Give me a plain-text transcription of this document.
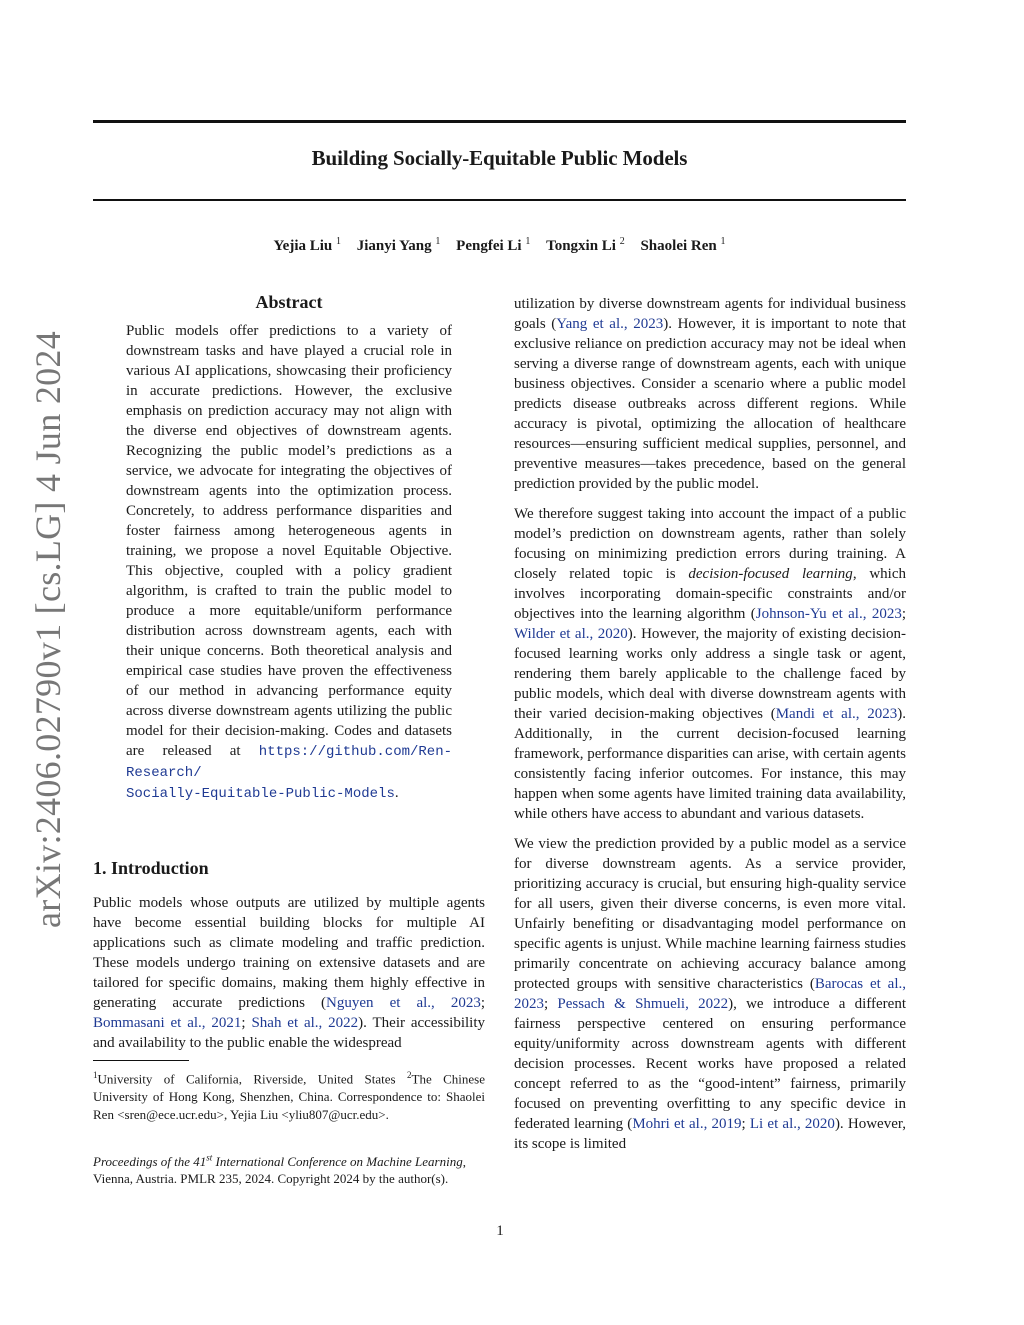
Building Socially-Equitable Public Models
Yejia Liu $^1$ Jianyi Yang $^1$ Pengfei Li $^1$ Tongxin Li $^2$ Shaolei Ren $^1$
arXiv:2406.02790v1 [cs.LG] 4 Jun 2024
Abstract

Public models offer predictions to a variety of downstream tasks and have played a crucial role in various AI applications, showcasing their proficiency in accurate predictions. However, the exclusive emphasis on prediction accuracy may not align with the diverse end objectives of downstream agents. Recognizing the public model’s predictions as a service, we advocate for integrating the objectives of downstream agents into the optimization process. Concretely, to address performance disparities and foster fairness among heterogeneous agents in training, we propose a novel Equitable Objective. This objective, coupled with a policy gradient algorithm, is crafted to train the public model to produce a more equitable/uniform performance distribution across downstream agents, each with their unique concerns. Both theoretical analysis and empirical case studies have proven the effectiveness of our method in advancing performance equity across diverse downstream agents utilizing the public model for their decision-making. Codes and datasets are released at https://github.com/Ren-Research/
Socially-Equitable-Public-Models.

1. Introduction

Public models whose outputs are utilized by multiple agents have become essential building blocks for multiple AI applications such as climate modeling and traffic prediction. These models undergo training on extensive datasets and are tailored for specific domains, making them highly effective in generating accurate predictions (Nguyen et al., 2023; Bommasani et al., 2021; Shah et al., 2022). Their accessibility and availability to the public enable the widespread

$^1$University of California, Riverside, United States $^2$The Chinese University of Hong Kong, Shenzhen, China. Correspondence to: Shaolei Ren <sren@ece.ucr.edu>, Yejia Liu <yliu807@ucr.edu>.
Proceedings of the 41st International Conference on Machine Learning, Vienna, Austria. PMLR 235, 2024. Copyright 2024 by the author(s).

utilization by diverse downstream agents for individual business goals (Yang et al., 2023). However, it is important to note that exclusive reliance on prediction accuracy may not be ideal when serving a diverse range of downstream agents, each with unique business objectives. Consider a scenario where a public model predicts disease outbreaks across different regions. While accuracy is pivotal, optimizing the allocation of healthcare resources—ensuring sufficient medical supplies, personnel, and preventive measures—takes precedence, based on the general prediction provided by the public model.

We therefore suggest taking into account the impact of a public model’s prediction on downstream agents, rather than solely focusing on minimizing prediction errors during training. A closely related topic is decision-focused learning, which involves incorporating domain-specific constraints and/or objectives into the learning algorithm (Johnson-Yu et al., 2023; Wilder et al., 2020). However, the majority of existing decision-focused learning works only address a single task or agent, rendering them barely applicable to the challenge faced by public models, which deal with diverse downstream agents with their varied decision-making objectives (Mandi et al., 2023). Additionally, in the current decision-focused learning framework, performance disparities can arise, with certain agents consistently facing inferior outcomes. For instance, this may happen when some agents have limited training data availability, while others have access to abundant and various datasets.

We view the prediction provided by a public model as a service for diverse downstream agents. As a service provider, prioritizing accuracy is crucial, but ensuring high-quality service for all users, given their diverse concerns, is even more vital. Unfairly benefiting or disadvantaging model performance on specific agents is unjust. While machine learning fairness studies primarily concentrate on achieving accuracy balance among protected groups with sensitive characteristics (Barocas et al., 2023; Pessach & Shmueli, 2022), we introduce a different fairness perspective centered on ensuring performance equity/uniformity across downstream agents with different decision processes. Recent works have proposed a related concept referred to as the “good-intent” fairness, primarily focused on preventing overfitting to any specific device in federated learning (Mohri et al., 2019; Li et al., 2020). However, its scope is limited

1
